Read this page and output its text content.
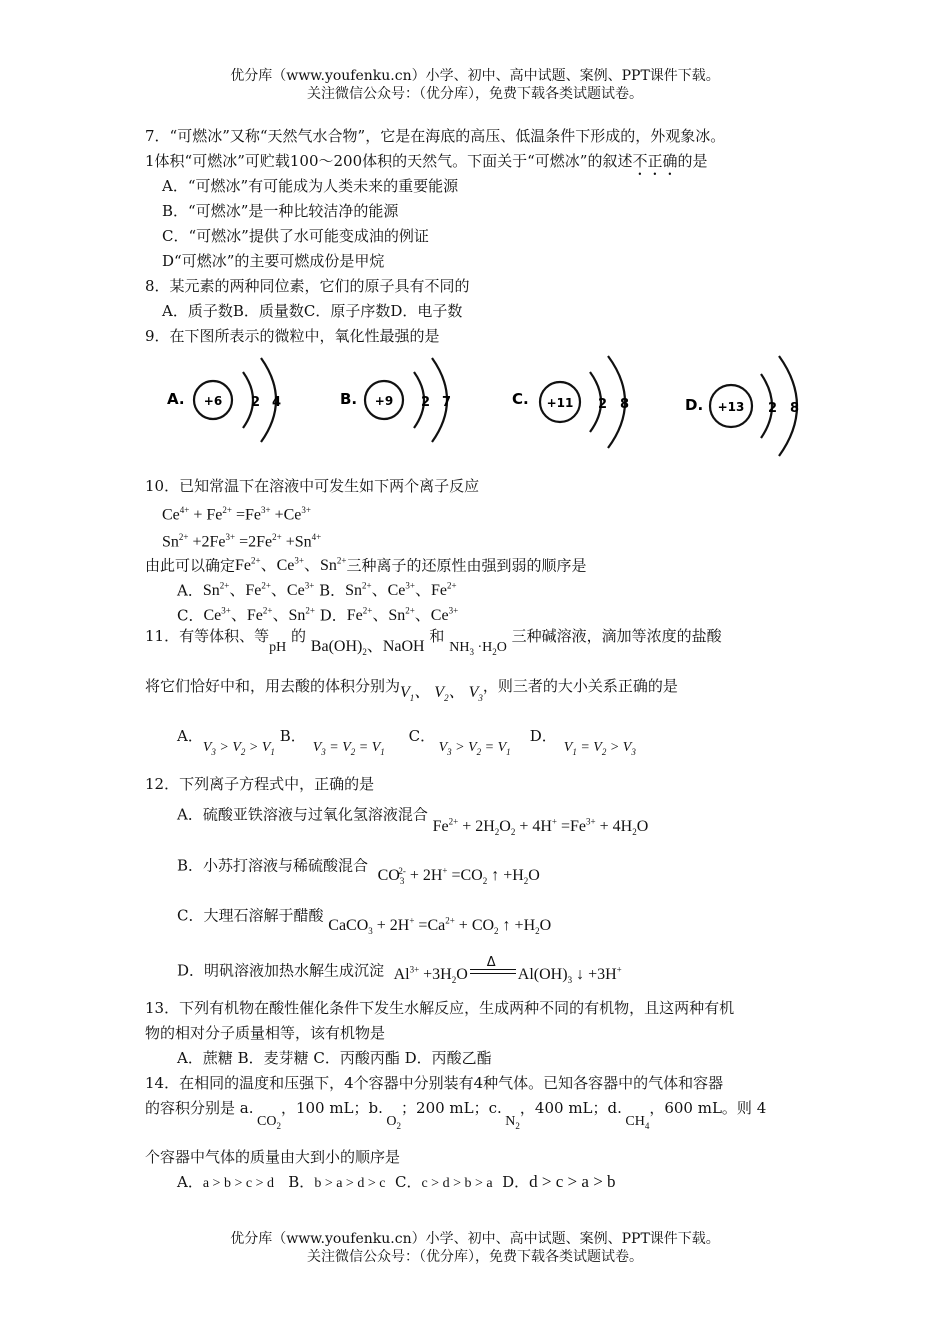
优分库（www.youfenku.cn）小学、初中、高中试题、案例、PPT课件下载。
关注微信公众号：（优分库），免费下载各类试题试卷。
7．“可燃冰”又称“天然气水合物”，它是在海底的高压、低温条件下形成的，外观象冰。
1体积“可燃冰”可贮载100～200体积的天然气。下面关于“可燃冰”的叙述不正确的是
A．“可燃冰”有可能成为人类未来的重要能源
B．“可燃冰”是一种比较洁净的能源
C．“可燃冰”提供了水可能变成油的例证
D“可燃冰”的主要可燃成份是甲烷
8．某元素的两种同位素，它们的原子具有不同的
A．质子数B．质量数C．原子序数D．电子数
9．在下图所表示的微粒中，氧化性最强的是
A. +6 2 4	B. +9 2 7	C. +11 2 8	D. +13 2 8
10．已知常温下在溶液中可发生如下两个离子反应
$Ce^{4+} + Fe^{2+} =Fe^{3+} +Ce^{3+}$
$Sn^{2+} +2Fe^{3+} =2Fe^{2+} +Sn^{4+}$
由此可以确定$Fe^{2+}$、$Ce^{3+}$、$Sn^{2+}$三种离子的还原性由强到弱的顺序是
A．$Sn^{2+}$、$Fe^{2+}$、$Ce^{3+}$ B．$Sn^{2+}$、$Ce^{3+}$、$Fe^{2+}$
C．$Ce^{3+}$、$Fe^{2+}$、$Sn^{2+}$ D．$Fe^{2+}$、$Sn^{2+}$、$Ce^{3+}$
11．有等体积、等pH 的 $Ba(OH)_2$、NaOH 和 $NH_3 \cdot H_2O$ 三种碱溶液，滴加等浓度的盐酸
将它们恰好中和，用去酸的体积分别为$V_1$、 $V_2$、 $V_3$，则三者的大小关系正确的是
A．$V_3 > V_2 > V_1$ B．  $V_3 = V_2 = V_1$     C． $V_3 > V_2 = V_1$    D．  $V_1 = V_2 > V_3$
12．下列离子方程式中，正确的是
A．硫酸亚铁溶液与过氧化氢溶液混合 $Fe^{2+} + 2H_2O_2 + 4H^+ =Fe^{3+} + 4H_2O$
B．小苏打溶液与稀硫酸混合  $CO_3^{2-} + 2H^+ =CO_2$ ↑ $+H_2O$
C．大理石溶解于醋酸 CaCO$_3$ + $2H^+ =Ca^{2+} + CO_2$ ↑ $+H_2O$
D．明矾溶液加热水解生成沉淀 $Al^{3+} +3H_2O$
Δ
$Al(OH)_3$ ↓ +3H+
13．下列有机物在酸性催化条件下发生水解反应，生成两种不同的有机物，且这两种有机
物的相对分子质量相等，该有机物是
A．蔗糖 B．麦芽糖 C．丙酸丙酯 D．丙酸乙酯
14．在相同的温度和压强下，4个容器中分别装有4种气体。已知各容器中的气体和容器
的容积分别是 a. $CO_2$，100 mL；b. $O_2$；200 mL；c. $N_2$，400 mL；d. $CH_4$，600 mL。则 4
个容器中气体的质量由大到小的顺序是
A．a > b > c > d B．b > a > d > c C．c > d > b > a D．d > c > a > b
优分库（www.youfenku.cn）小学、初中、高中试题、案例、PPT课件下载。
关注微信公众号：（优分库），免费下载各类试题试卷。
